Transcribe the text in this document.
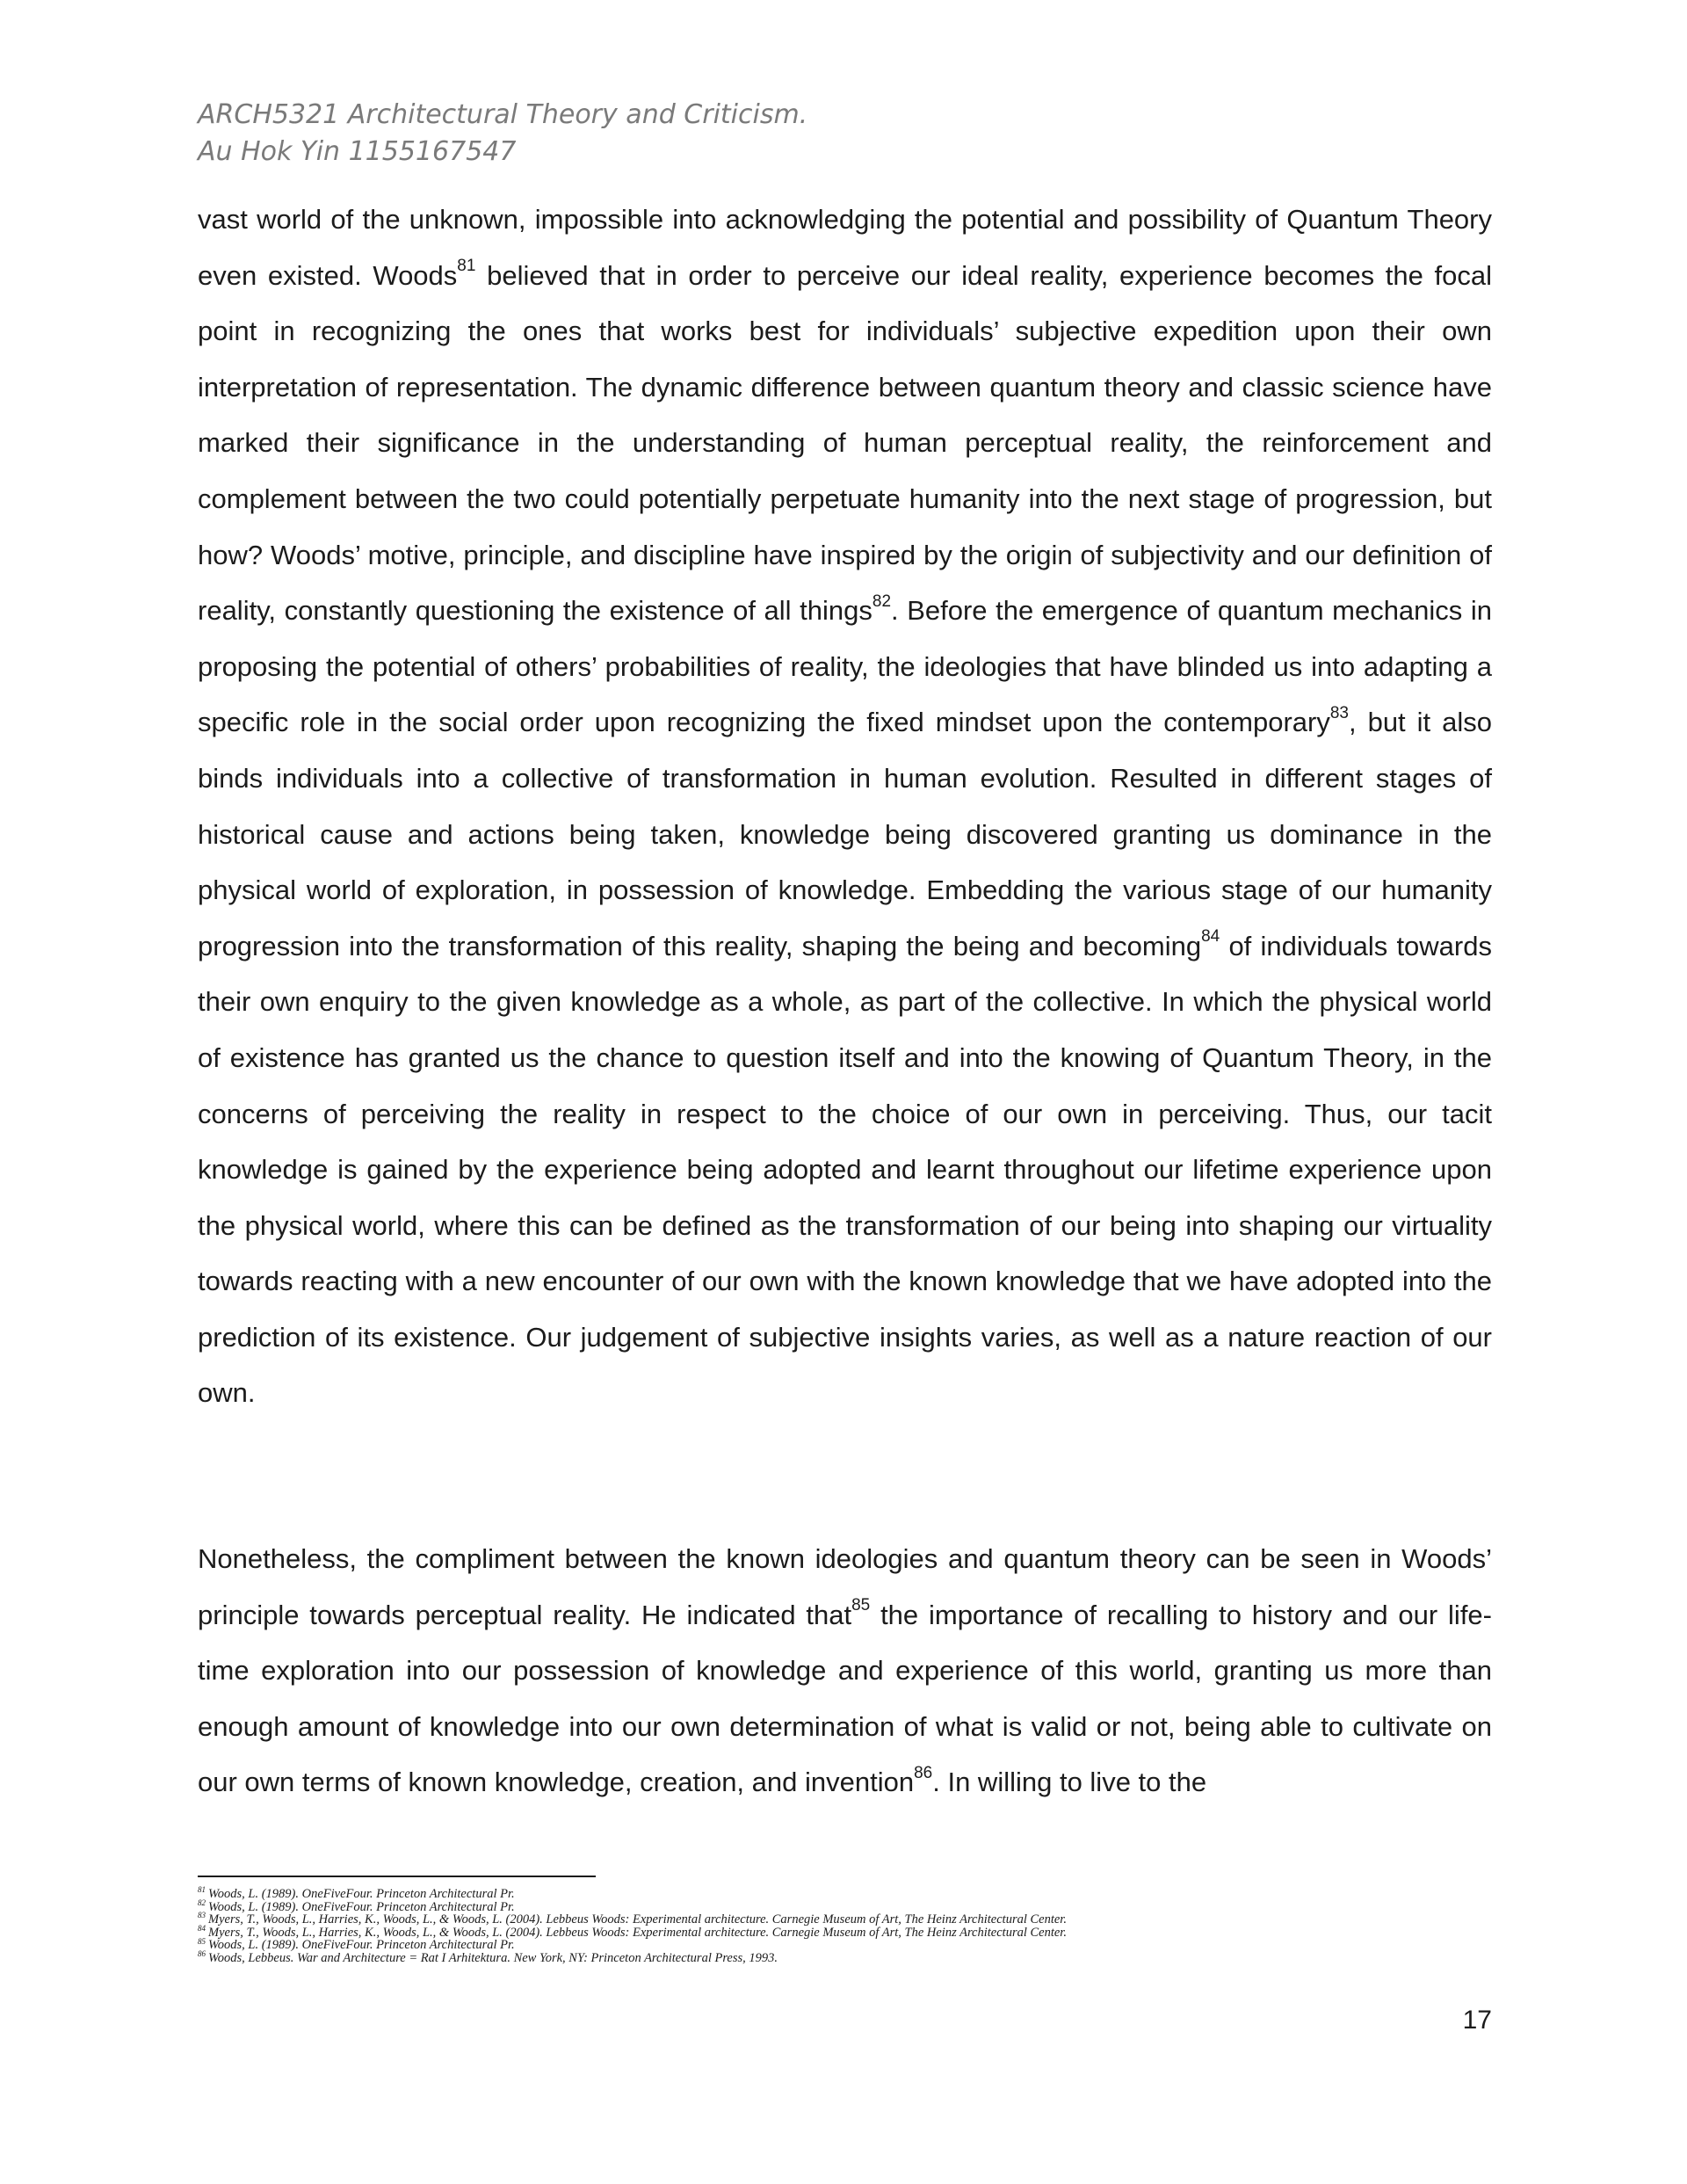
ARCH5321 Architectural Theory and Criticism.
Au Hok Yin 1155167547
vast world of the unknown, impossible into acknowledging the potential and possibility of Quantum Theory even existed. Woods$^{81}$ believed that in order to perceive our ideal reality, experience becomes the focal point in recognizing the ones that works best for individuals’ subjective expedition upon their own interpretation of representation. The dynamic difference between quantum theory and classic science have marked their significance in the understanding of human perceptual reality, the reinforcement and complement between the two could potentially perpetuate humanity into the next stage of progression, but how? Woods’ motive, principle, and discipline have inspired by the origin of subjectivity and our definition of reality, constantly questioning the existence of all things$^{82}$. Before the emergence of quantum mechanics in proposing the potential of others’ probabilities of reality, the ideologies that have blinded us into adapting a specific role in the social order upon recognizing the fixed mindset upon the contemporary$^{83}$, but it also binds individuals into a collective of transformation in human evolution. Resulted in different stages of historical cause and actions being taken, knowledge being discovered granting us dominance in the physical world of exploration, in possession of knowledge. Embedding the various stage of our humanity progression into the transformation of this reality, shaping the being and becoming$^{84}$ of individuals towards their own enquiry to the given knowledge as a whole, as part of the collective. In which the physical world of existence has granted us the chance to question itself and into the knowing of Quantum Theory, in the concerns of perceiving the reality in respect to the choice of our own in perceiving. Thus, our tacit knowledge is gained by the experience being adopted and learnt throughout our lifetime experience upon the physical world, where this can be defined as the transformation of our being into shaping our virtuality towards reacting with a new encounter of our own with the known knowledge that we have adopted into the prediction of its existence. Our judgement of subjective insights varies, as well as a nature reaction of our own.
Nonetheless, the compliment between the known ideologies and quantum theory can be seen in Woods’ principle towards perceptual reality. He indicated that$^{85}$ the importance of recalling to history and our life-time exploration into our possession of knowledge and experience of this world, granting us more than enough amount of knowledge into our own determination of what is valid or not, being able to cultivate on our own terms of known knowledge, creation, and invention$^{86}$. In willing to live to the
$^{81}$ Woods, L. (1989). OneFiveFour. Princeton Architectural Pr.
$^{82}$ Woods, L. (1989). OneFiveFour. Princeton Architectural Pr.
$^{83}$ Myers, T., Woods, L., Harries, K., Woods, L., & Woods, L. (2004). Lebbeus Woods: Experimental architecture. Carnegie Museum of Art, The Heinz Architectural Center.
$^{84}$ Myers, T., Woods, L., Harries, K., Woods, L., & Woods, L. (2004). Lebbeus Woods: Experimental architecture. Carnegie Museum of Art, The Heinz Architectural Center.
$^{85}$ Woods, L. (1989). OneFiveFour. Princeton Architectural Pr.
$^{86}$ Woods, Lebbeus. War and Architecture = Rat I Arhitektura. New York, NY: Princeton Architectural Press, 1993.
17
